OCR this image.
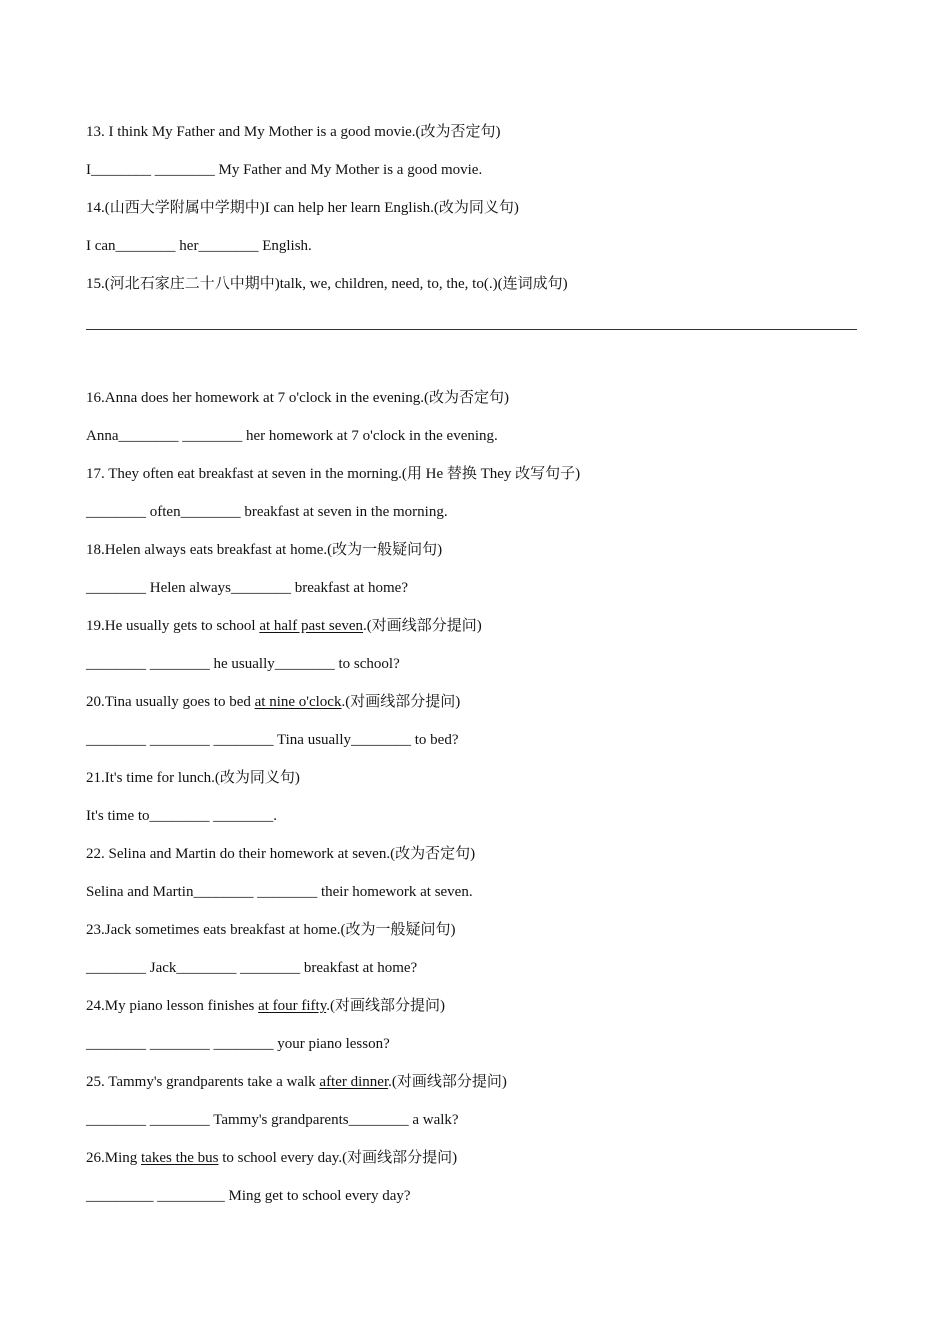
13. I think My Father and My Mother is a good movie.(改为否定句)
I________ ________ My Father and My Mother is a good movie.
14.(山西大学附属中学期中)I can help her learn English.(改为同义句)
I can________ her________ English.
15.(河北石家庄二十八中期中)talk, we, children, need, to, the, to(.)(连词成句)
16.Anna does her homework at 7 o'clock in the evening.(改为否定句)
Anna________ ________ her homework at 7 o'clock in the evening.
17. They often eat breakfast at seven in the morning.(用 He 替换 They 改写句子)
________ often________ breakfast at seven in the morning.
18.Helen always eats breakfast at home.(改为一般疑问句)
________ Helen always________ breakfast at home?
19.He usually gets to school at half past seven.(对画线部分提问)
________ ________ he usually________ to school?
20.Tina usually goes to bed at nine o'clock.(对画线部分提问)
________ ________ ________ Tina usually________ to bed?
21.It's time for lunch.(改为同义句)
It's time to________ ________.
22. Selina and Martin do their homework at seven.(改为否定句)
Selina and Martin________ ________ their homework at seven.
23.Jack sometimes eats breakfast at home.(改为一般疑问句)
________ Jack________ ________ breakfast at home?
24.My piano lesson finishes at four fifty.(对画线部分提问)
________ ________ ________ your piano lesson?
25. Tammy's grandparents take a walk after dinner.(对画线部分提问)
________ ________ Tammy's grandparents________ a walk?
26.Ming takes the bus to school every day.(对画线部分提问)
_________ _________ Ming get to school every day?
